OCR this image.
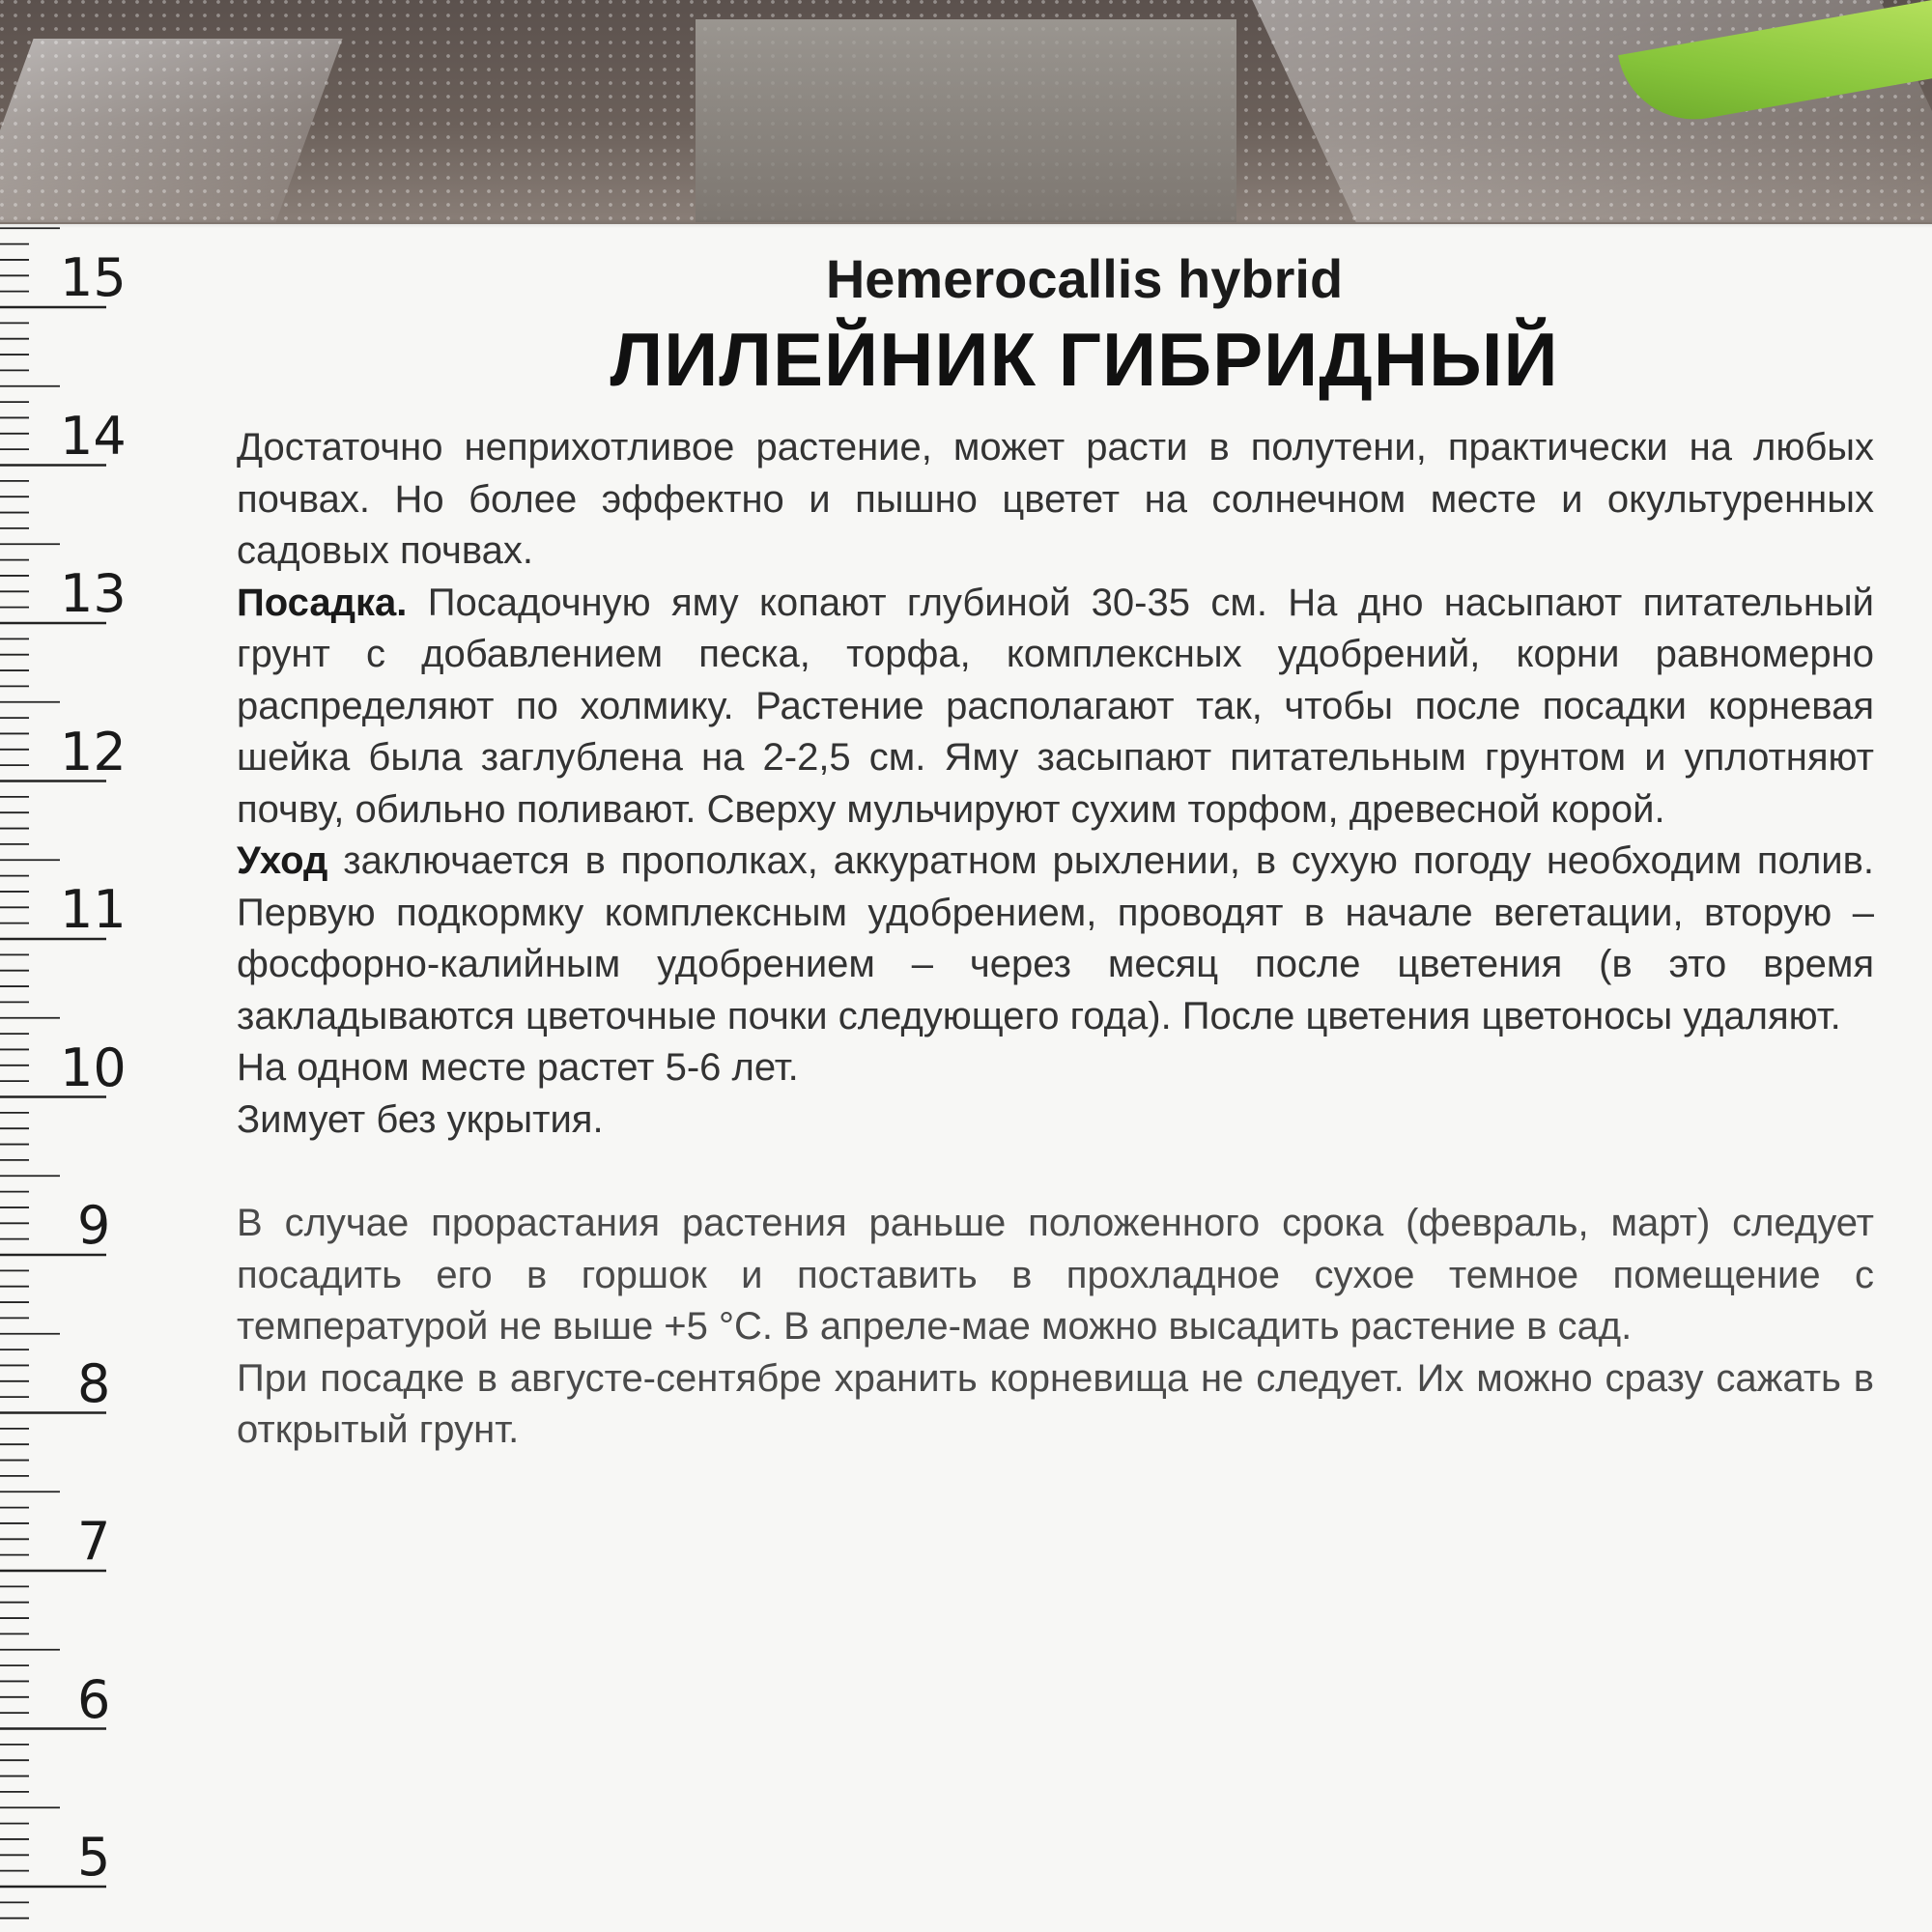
15
14
13
12
11
10
9
8
7
6
5
Hemerocallis hybrid
ЛИЛЕЙНИК ГИБРИДНЫЙ

Достаточно неприхотливое растение, может расти в полутени, практически на любых почвах. Но более эффектно и пышно цветет на солнечном месте и окультуренных садовых почвах.

Посадка. Посадочную яму копают глубиной 30-35 см. На дно насыпают питательный грунт с добавлением песка, торфа, комплексных удобрений, корни равномерно распределяют по холмику. Растение располагают так, чтобы после посадки корневая шейка была заглублена на 2-2,5 см. Яму засыпают питательным грунтом и уплотняют почву, обильно поливают. Сверху мульчируют сухим торфом, древесной корой.

Уход заключается в прополках, аккуратном рыхлении, в сухую погоду необходим полив. Первую подкормку комплексным удобрением, проводят в начале вегетации, вторую – фосфорно-калийным удобрением – через месяц после цветения (в это время закладываются цветочные почки следующего года). После цветения цветоносы удаляют.

На одном месте растет 5-6 лет.

Зимует без укрытия.

В случае прорастания растения раньше положенного срока (февраль, март) следует посадить его в горшок и поставить в прохладное сухое темное помещение с температурой не выше +5 °С. В апреле-мае можно высадить растение в сад.

При посадке в августе-сентябре хранить корневища не следует. Их можно сразу сажать в открытый грунт.
